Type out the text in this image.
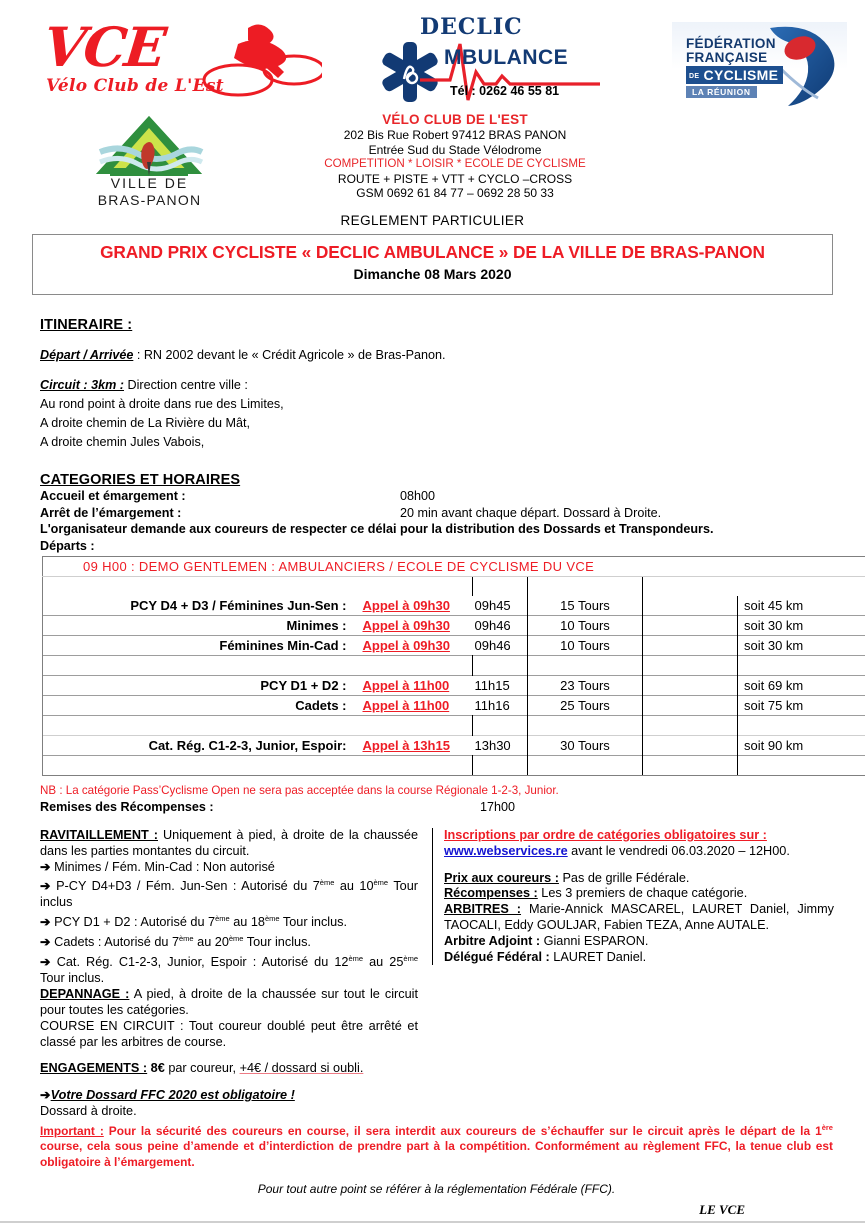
VCE
Vélo Club de L'Est
DECLIC
MBULANCE
Tél : 0262 46 55 81
FÉDÉRATION
FRANÇAISE
DE CYCLISME
LA RÉUNION
VILLE DE
BRAS-PANON
VÉLO CLUB DE L'EST
202 Bis Rue Robert 97412 BRAS PANON
Entrée Sud du Stade Vélodrome
COMPETITION * LOISIR * ECOLE DE CYCLISME
ROUTE + PISTE + VTT + CYCLO –CROSS
GSM 0692 61 84 77 – 0692 28 50 33
REGLEMENT PARTICULIER
GRAND PRIX CYCLISTE « DECLIC AMBULANCE » DE LA VILLE DE BRAS-PANON
Dimanche 08 Mars 2020
ITINERAIRE :
Départ / Arrivée : RN 2002 devant le « Crédit Agricole » de Bras-Panon.
Circuit : 3km : Direction centre ville :
Au rond point à droite dans rue des Limites,
A droite chemin de La Rivière du Mât,
A droite chemin Jules Vabois,
CATEGORIES ET HORAIRES
Accueil et émargement :	08h00
Arrêt de l’émargement :	20 min avant chaque départ. Dossard à Droite.
L'organisateur demande aux coureurs de respecter ce délai pour la distribution des Dossards et Transpondeurs.
Départs :
09 H00 : DEMO GENTLEMEN : AMBULANCIERS / ECOLE DE CYCLISME DU VCE					

PCY D4 + D3 / Féminines Jun-Sen :	Appel à 09h30	09h45	15 Tours		soit 45 km
Minimes :	Appel à 09h30	09h46	10 Tours		soit 30 km
Féminines Min-Cad :	Appel à 09h30	09h46	10 Tours		soit 30 km

PCY D1 + D2 :	Appel à 11h00	11h15	23 Tours		soit 69 km
Cadets :	Appel à 11h00	11h16	25 Tours		soit 75 km

Cat. Rég. C1-2-3, Junior, Espoir:	Appel à 13h15	13h30	30 Tours		soit 90 km

NB : La catégorie Pass’Cyclisme Open ne sera pas acceptée dans la course Régionale 1-2-3, Junior.
Remises des Récompenses :	17h00
RAVITAILLEMENT : Uniquement à pied, à droite de la chaussée dans les parties montantes du circuit.
➔ Minimes / Fém. Min-Cad : Non autorisé
➔ P-CY D4+D3 / Fém. Jun-Sen : Autorisé du 7ème au 10ème Tour inclus
➔ PCY D1 + D2 : Autorisé du 7ème au 18ème Tour inclus.
➔ Cadets : Autorisé du 7ème au 20ème Tour inclus.
➔ Cat. Rég. C1-2-3, Junior, Espoir : Autorisé du 12ème au 25ème Tour inclus.
DEPANNAGE : A pied, à droite de la chaussée sur tout le circuit pour toutes les catégories.
COURSE EN CIRCUIT : Tout coureur doublé peut être arrêté et classé par les arbitres de course.
ENGAGEMENTS : 8€ par coureur, +4€ / dossard si oubli.
➔Votre Dossard FFC 2020 est obligatoire !
Dossard à droite.
Inscriptions par ordre de catégories obligatoires sur :
www.webservices.re avant le vendredi 06.03.2020 – 12H00.
Prix aux coureurs : Pas de grille Fédérale.
Récompenses : Les 3 premiers de chaque catégorie.
ARBITRES : Marie-Annick MASCAREL, LAURET Daniel, Jimmy TAOCALI, Eddy GOULJAR, Fabien TEZA, Anne AUTALE.
Arbitre Adjoint : Gianni ESPARON.
Délégué Fédéral : LAURET Daniel.
Important : Pour la sécurité des coureurs en course, il sera interdit aux coureurs de s’échauffer sur le circuit après le départ de la 1ère course, cela sous peine d’amende et d’interdiction de prendre part à la compétition. Conformément au règlement FFC, la tenue club est obligatoire à l’émargement.
Pour tout autre point se référer à la réglementation Fédérale (FFC).
LE VCE
